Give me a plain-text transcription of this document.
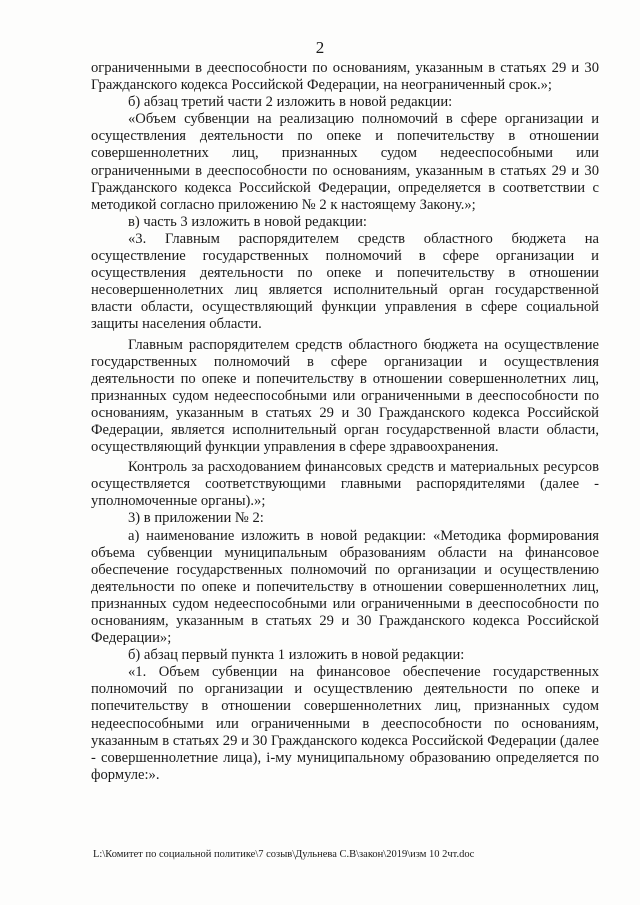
2

ограниченными в дееспособности по основаниям, указанным в статьях 29 и 30 Гражданского кодекса Российской Федерации, на неограниченный срок.»;

б) абзац третий части 2 изложить в новой редакции:

«Объем субвенции на реализацию полномочий в сфере организации и осуществления деятельности по опеке и попечительству в отношении совершеннолетних лиц, признанных судом недееспособными или ограниченными в дееспособности по основаниям, указанным в статьях 29 и 30 Гражданского кодекса Российской Федерации, определяется в соответствии с методикой согласно приложению № 2 к настоящему Закону.»;

в) часть 3 изложить в новой редакции:

«3. Главным распорядителем средств областного бюджета на осуществление государственных полномочий в сфере организации и осуществления деятельности по опеке и попечительству в отношении несовершеннолетних лиц является исполнительный орган государственной власти области, осуществляющий функции управления в сфере социальной защиты населения области.

Главным распорядителем средств областного бюджета на осуществление государственных полномочий в сфере организации и осуществления деятельности по опеке и попечительству в отношении совершеннолетних лиц, признанных судом недееспособными или ограниченными в дееспособности по основаниям, указанным в статьях 29 и 30 Гражданского кодекса Российской Федерации, является исполнительный орган государственной власти области, осуществляющий функции управления в сфере здравоохранения.

Контроль за расходованием финансовых средств и материальных ресурсов осуществляется соответствующими главными распорядителями (далее - уполномоченные органы).»;

3) в приложении № 2:

а) наименование изложить в новой редакции: «Методика формирования объема субвенции муниципальным образованиям области на финансовое обеспечение государственных полномочий по организации и осуществлению деятельности по опеке и попечительству в отношении совершеннолетних лиц, признанных судом недееспособными или ограниченными в дееспособности по основаниям, указанным в статьях 29 и 30 Гражданского кодекса Российской Федерации»;

б) абзац первый пункта 1 изложить в новой редакции:

«1. Объем субвенции на финансовое обеспечение государственных полномочий по организации и осуществлению деятельности по опеке и попечительству в отношении совершеннолетних лиц, признанных судом недееспособными или ограниченными в дееспособности по основаниям, указанным в статьях 29 и 30 Гражданского кодекса Российской Федерации (далее - совершеннолетние лица), i-му муниципальному образованию определяется по формуле:».

L:\Комитет по социальной политике\7 созыв\Дульнева С.В\закон\2019\изм 10 2чт.doc
